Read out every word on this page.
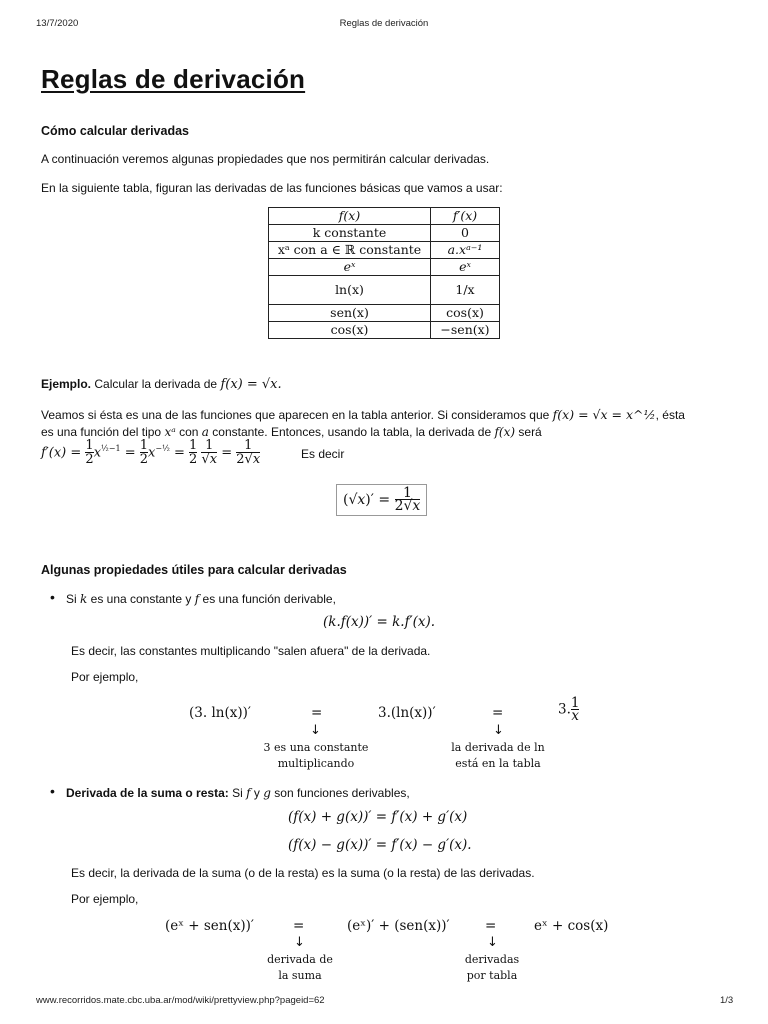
13/7/2020	Reglas de derivación
Reglas de derivación
Cómo calcular derivadas
A continuación veremos algunas propiedades que nos permitirán calcular derivadas.
En la siguiente tabla, figuran las derivadas de las funciones básicas que vamos a usar:
f(x)	f′(x)
k constante	0
xᵃ con a ∈ ℝ constante	a.xᵃ⁻¹
eˣ	eˣ
ln(x)	1/x
sen(x)	cos(x)
cos(x)	−sen(x)
Ejemplo. Calcular la derivada de f(x) = √x.
Veamos si ésta es una de las funciones que aparecen en la tabla anterior. Si consideramos que f(x) = √x = x^½, ésta
es una función del tipo xᵃ con a constante. Entonces, usando la tabla, la derivada de f(x) será
$f'(x) = \frac{1}{2} x^{\frac{1}{2}-1} = \frac{1}{2} x^{-\frac{1}{2}} = \frac{1}{2}$
$\frac{1}{√x} = \frac{1}{2√x}$	Es decir
$(√x)' = \frac{1}{2√x}$
Algunas propiedades útiles para calcular derivadas
• Si k es una constante y f es una función derivable,
(k.f(x))′ = k.f′(x).
Es decir, las constantes multiplicando "salen afuera" de la derivada.
Por ejemplo,
(3. ln(x))′	=	3.(ln(x))′	=	3. $\frac{1}{x}$
↓	↓
3 es una constante
multiplicando
la derivada de ln
está en la tabla
• Derivada de la suma o resta: Si f y g son funciones derivables,
(f(x) + g(x))′ = f′(x) + g′(x)
(f(x) − g(x))′ = f′(x) − g′(x).
Es decir, la derivada de la suma (o de la resta) es la suma (o la resta) de las derivadas.
Por ejemplo,
(eˣ + sen(x))′	=	(eˣ)′ + (sen(x))′	=	eˣ + cos(x)
↓	↓
derivada de
la suma
derivadas
por tabla
www.recorridos.mate.cbc.uba.ar/mod/wiki/prettyview.php?pageid=62	1/3
